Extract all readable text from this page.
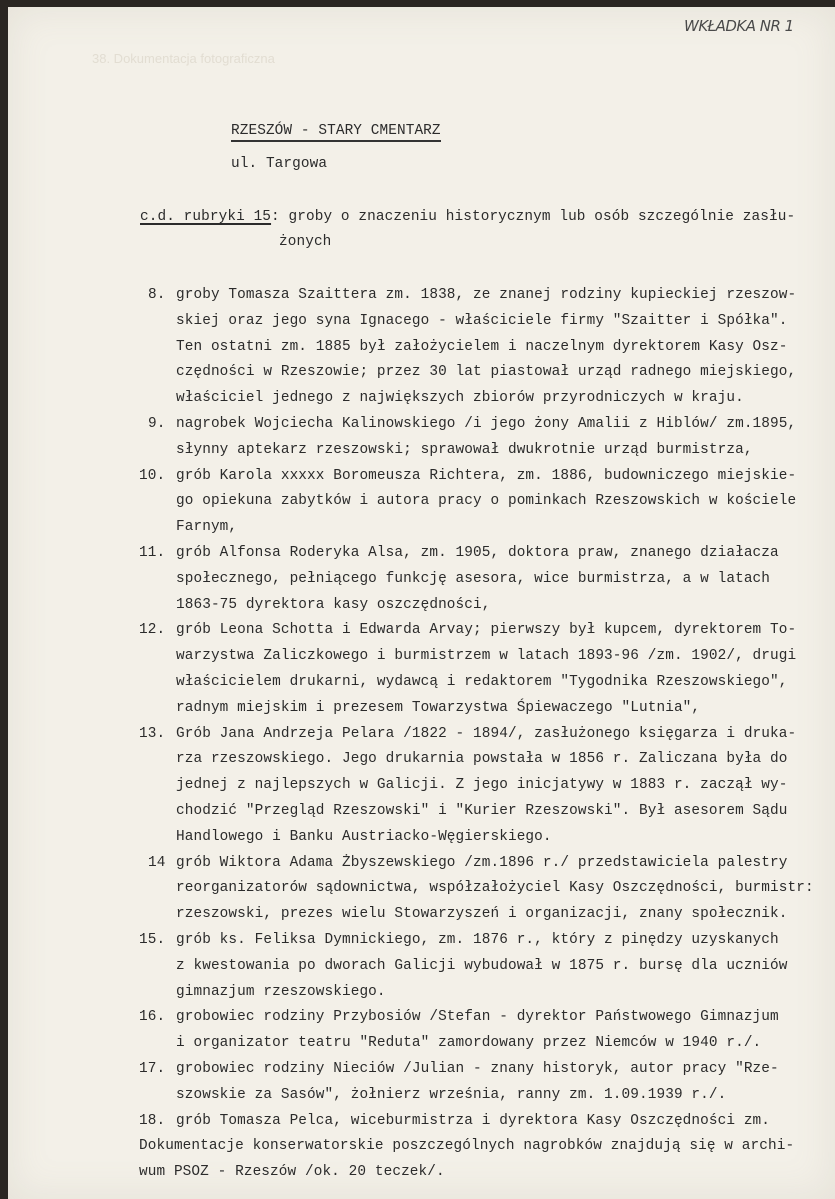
WKŁADKA NR 1
38. Dokumentacja fotograficzna
RZESZÓW - STARY CMENTARZ
ul. Targowa
c.d. rubryki 15: groby o znaczeniu historycznym lub osób szczególnie zasłu-
żonych
8. groby Tomasza Szaittera zm. 1838, ze znanej rodziny kupieckiej rzeszow-
skiej oraz jego syna Ignacego - właściciele firmy "Szaitter i Spółka".
Ten ostatni zm. 1885 był założycielem i naczelnym dyrektorem Kasy Osz-
czędności w Rzeszowie; przez 30 lat piastował urząd radnego miejskiego,
właściciel jednego z największych zbiorów przyrodniczych w kraju.
9. nagrobek Wojciecha Kalinowskiego /i jego żony Amalii z Hiblów/ zm.1895,
słynny aptekarz rzeszowski; sprawował dwukrotnie urząd burmistrza,
10. grób Karola xxxxx Boromeusza Richtera, zm. 1886, budowniczego miejskie-
go opiekuna zabytków i autora pracy o pominkach Rzeszowskich w kościele
Farnym,
11. grób Alfonsa Roderyka Alsa, zm. 1905, doktora praw, znanego działacza
społecznego, pełniącego funkcję asesora, wice burmistrza, a w latach
1863-75 dyrektora kasy oszczędności,
12. grób Leona Schotta i Edwarda Arvay; pierwszy był kupcem, dyrektorem To-
warzystwa Zaliczkowego i burmistrzem w latach 1893-96 /zm. 1902/, drugi
właścicielem drukarni, wydawcą i redaktorem "Tygodnika Rzeszowskiego",
radnym miejskim i prezesem Towarzystwa Śpiewaczego "Lutnia",
13. Grób Jana Andrzeja Pelara /1822 - 1894/, zasłużonego księgarza i druka-
rza rzeszowskiego. Jego drukarnia powstała w 1856 r. Zaliczana była do
jednej z najlepszych w Galicji. Z jego inicjatywy w 1883 r. zaczął wy-
chodzić "Przegląd Rzeszowski" i "Kurier Rzeszowski". Był asesorem Sądu
Handlowego i Banku Austriacko-Węgierskiego.
14 grób Wiktora Adama Żbyszewskiego /zm.1896 r./ przedstawiciela palestry
reorganizatorów sądownictwa, współzałożyciel Kasy Oszczędności, burmistr:
rzeszowski, prezes wielu Stowarzyszeń i organizacji, znany społecznik.
15. grób ks. Feliksa Dymnickiego, zm. 1876 r., który z pinędzy uzyskanych
z kwestowania po dworach Galicji wybudował w 1875 r. bursę dla uczniów
gimnazjum rzeszowskiego.
16. grobowiec rodziny Przybosiów /Stefan - dyrektor Państwowego Gimnazjum
i organizator teatru "Reduta" zamordowany przez Niemców w 1940 r./.
17. grobowiec rodziny Nieciów /Julian - znany historyk, autor pracy "Rze-
szowskie za Sasów", żołnierz września, ranny zm. 1.09.1939 r./.
18. grób Tomasza Pelca, wiceburmistrza i dyrektora Kasy Oszczędności zm.
Dokumentacje konserwatorskie poszczególnych nagrobków znajdują się w archi-
wum PSOZ - Rzeszów /ok. 20 teczek/.
